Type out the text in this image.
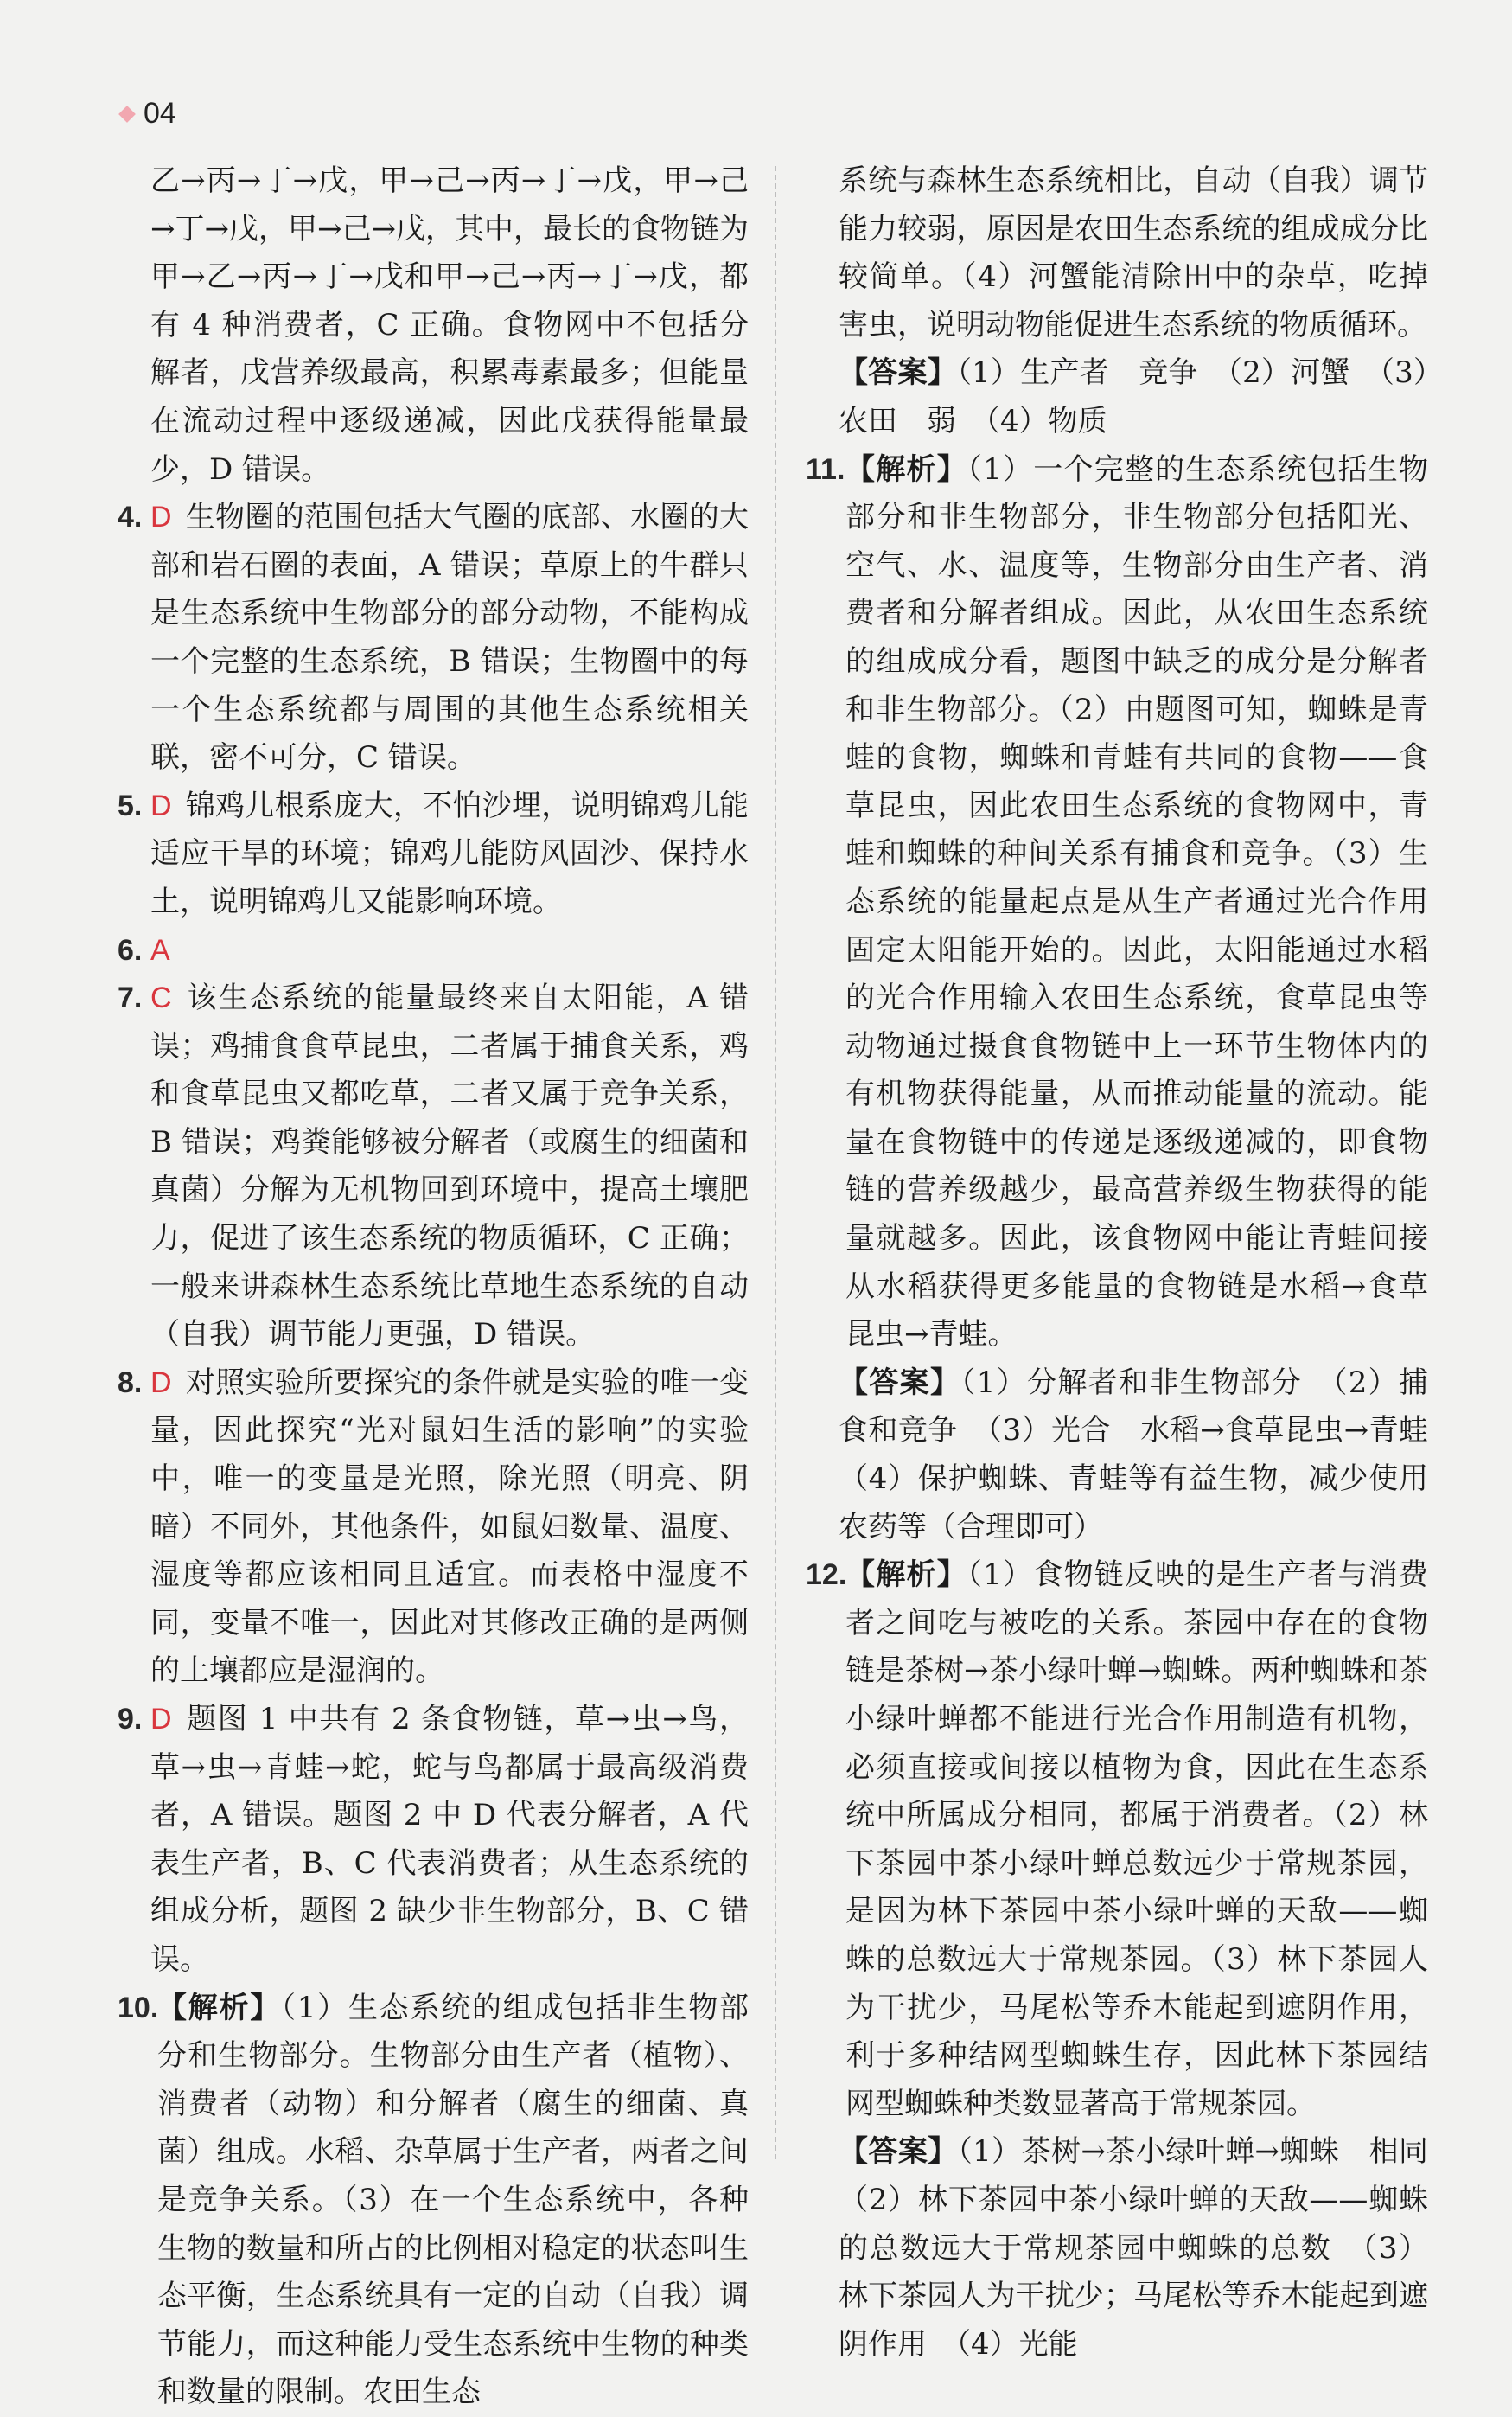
04
乙→丙→丁→戊，甲→己→丙→丁→戊，甲→己→丁→戊，甲→己→戊，其中，最长的食物链为甲→乙→丙→丁→戊和甲→己→丙→丁→戊，都有 4 种消费者，C 正确。食物网中不包括分解者，戊营养级最高，积累毒素最多；但能量在流动过程中逐级递减，因此戊获得能量最少，D 错误。
4. D 生物圈的范围包括大气圈的底部、水圈的大部和岩石圈的表面，A 错误；草原上的牛群只是生态系统中生物部分的部分动物，不能构成一个完整的生态系统，B 错误；生物圈中的每一个生态系统都与周围的其他生态系统相关联，密不可分，C 错误。
5. D 锦鸡儿根系庞大，不怕沙埋，说明锦鸡儿能适应干旱的环境；锦鸡儿能防风固沙、保持水土，说明锦鸡儿又能影响环境。
6. A
7. C 该生态系统的能量最终来自太阳能，A 错误；鸡捕食食草昆虫，二者属于捕食关系，鸡和食草昆虫又都吃草，二者又属于竞争关系，B 错误；鸡粪能够被分解者（或腐生的细菌和真菌）分解为无机物回到环境中，提高土壤肥力，促进了该生态系统的物质循环，C 正确；一般来讲森林生态系统比草地生态系统的自动（自我）调节能力更强，D 错误。
8. D 对照实验所要探究的条件就是实验的唯一变量，因此探究“光对鼠妇生活的影响”的实验中，唯一的变量是光照，除光照（明亮、阴暗）不同外，其他条件，如鼠妇数量、温度、湿度等都应该相同且适宜。而表格中湿度不同，变量不唯一，因此对其修改正确的是两侧的土壤都应是湿润的。
9. D 题图 1 中共有 2 条食物链，草→虫→鸟，草→虫→青蛙→蛇，蛇与鸟都属于最高级消费者，A 错误。题图 2 中 D 代表分解者，A 代表生产者，B、C 代表消费者；从生态系统的组成分析，题图 2 缺少非生物部分，B、C 错误。
10.
【解析】（1）生态系统的组成包括非生物部分和生物部分。生物部分由生产者（植物）、消费者（动物）和分解者（腐生的细菌、真菌）组成。水稻、杂草属于生产者，两者之间是竞争关系。（3）在一个生态系统中，各种生物的数量和所占的比例相对稳定的状态叫生态平衡，生态系统具有一定的自动（自我）调节能力，而这种能力受生态系统中生物的种类和数量的限制。农田生态
系统与森林生态系统相比，自动（自我）调节能力较弱，原因是农田生态系统的组成成分比较简单。（4）河蟹能清除田中的杂草，吃掉害虫，说明动物能促进生态系统的物质循环。
【答案】（1）生产者　竞争　（2）河蟹　（3）农田　弱　（4）物质
11. 【解析】（1）一个完整的生态系统包括生物部分和非生物部分，非生物部分包括阳光、空气、水、温度等，生物部分由生产者、消费者和分解者组成。因此，从农田生态系统的组成成分看，题图中缺乏的成分是分解者和非生物部分。（2）由题图可知，蜘蛛是青蛙的食物，蜘蛛和青蛙有共同的食物——食草昆虫，因此农田生态系统的食物网中，青蛙和蜘蛛的种间关系有捕食和竞争。（3）生态系统的能量起点是从生产者通过光合作用固定太阳能开始的。因此，太阳能通过水稻的光合作用输入农田生态系统，食草昆虫等动物通过摄食食物链中上一环节生物体内的有机物获得能量，从而推动能量的流动。能量在食物链中的传递是逐级递减的，即食物链的营养级越少，最高营养级生物获得的能量就越多。因此，该食物网中能让青蛙间接从水稻获得更多能量的食物链是水稻→食草昆虫→青蛙。
【答案】（1）分解者和非生物部分　（2）捕食和竞争　（3）光合　水稻→食草昆虫→青蛙　（4）保护蜘蛛、青蛙等有益生物，减少使用农药等（合理即可）
12.
【解析】（1）食物链反映的是生产者与消费者之间吃与被吃的关系。茶园中存在的食物链是茶树→茶小绿叶蝉→蜘蛛。两种蜘蛛和茶小绿叶蝉都不能进行光合作用制造有机物，必须直接或间接以植物为食，因此在生态系统中所属成分相同，都属于消费者。（2）林下茶园中茶小绿叶蝉总数远少于常规茶园，是因为林下茶园中茶小绿叶蝉的天敌——蜘蛛的总数远大于常规茶园。（3）林下茶园人为干扰少，马尾松等乔木能起到遮阴作用，利于多种结网型蜘蛛生存，因此林下茶园结网型蜘蛛种类数显著高于常规茶园。
【答案】（1）茶树→茶小绿叶蝉→蜘蛛　相同　（2）林下茶园中茶小绿叶蝉的天敌——蜘蛛的总数远大于常规茶园中蜘蛛的总数　（3）林下茶园人为干扰少；马尾松等乔木能起到遮阴作用　（4）光能
